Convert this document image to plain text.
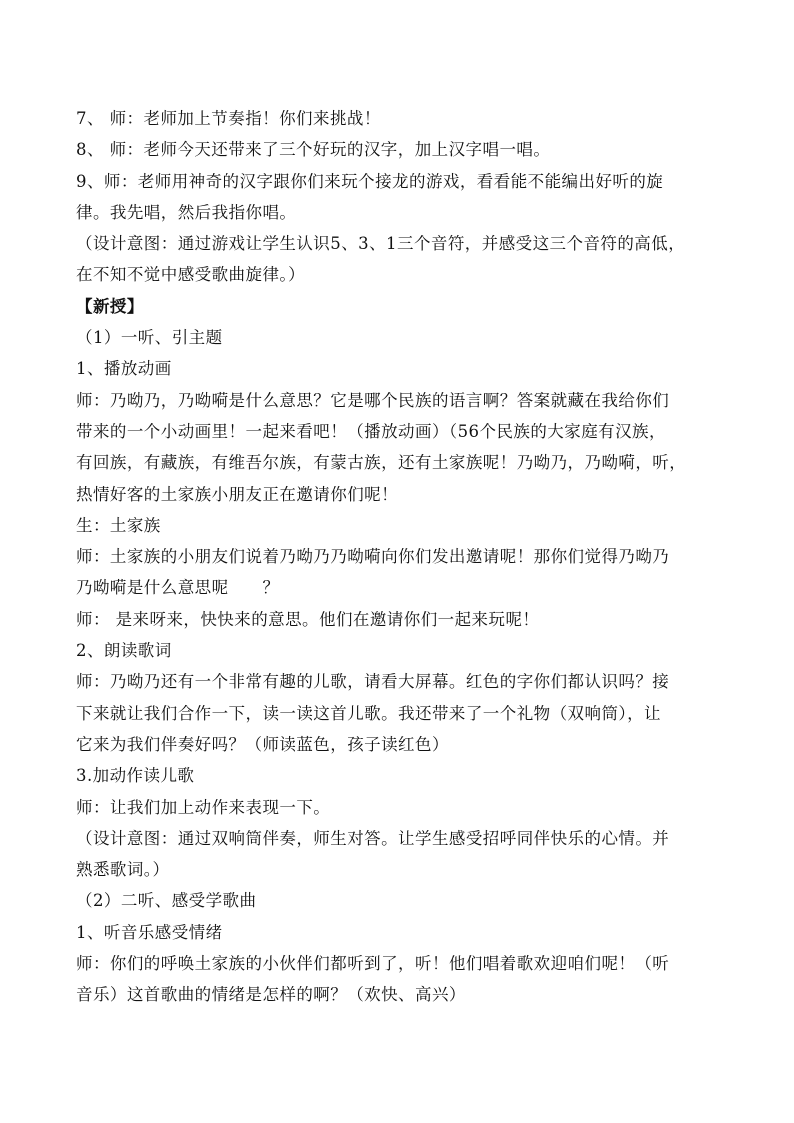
7、 师：老师加上节奏指！你们来挑战！
8、 师：老师今天还带来了三个好玩的汉字，加上汉字唱一唱。
9、师：老师用神奇的汉字跟你们来玩个接龙的游戏，看看能不能编出好听的旋
律。我先唱，然后我指你唱。
（设计意图：通过游戏让学生认识5、3、1三个音符，并感受这三个音符的高低，
在不知不觉中感受歌曲旋律。）
【新授】
（1）一听、引主题
1、播放动画
师：乃呦乃，乃呦嗬是什么意思？它是哪个民族的语言啊？答案就藏在我给你们
带来的一个小动画里！一起来看吧！（播放动画）（56个民族的大家庭有汉族，
有回族，有藏族，有维吾尔族，有蒙古族，还有土家族呢！乃呦乃，乃呦嗬，听，
热情好客的土家族小朋友正在邀请你们呢！
生：土家族
师：土家族的小朋友们说着乃呦乃乃呦嗬向你们发出邀请呢！那你们觉得乃呦乃
乃呦嗬是什么意思呢　　？
师： 是来呀来，快快来的意思。他们在邀请你们一起来玩呢！
2、朗读歌词
师：乃呦乃还有一个非常有趣的儿歌，请看大屏幕。红色的字你们都认识吗？接
下来就让我们合作一下，读一读这首儿歌。我还带来了一个礼物（双响筒），让
它来为我们伴奏好吗？（师读蓝色，孩子读红色）
3.加动作读儿歌
师：让我们加上动作来表现一下。
（设计意图：通过双响筒伴奏，师生对答。让学生感受招呼同伴快乐的心情。并
熟悉歌词。）
（2）二听、感受学歌曲
1、听音乐感受情绪
师：你们的呼唤土家族的小伙伴们都听到了，听！他们唱着歌欢迎咱们呢！（听
音乐）这首歌曲的情绪是怎样的啊？（欢快、高兴）
